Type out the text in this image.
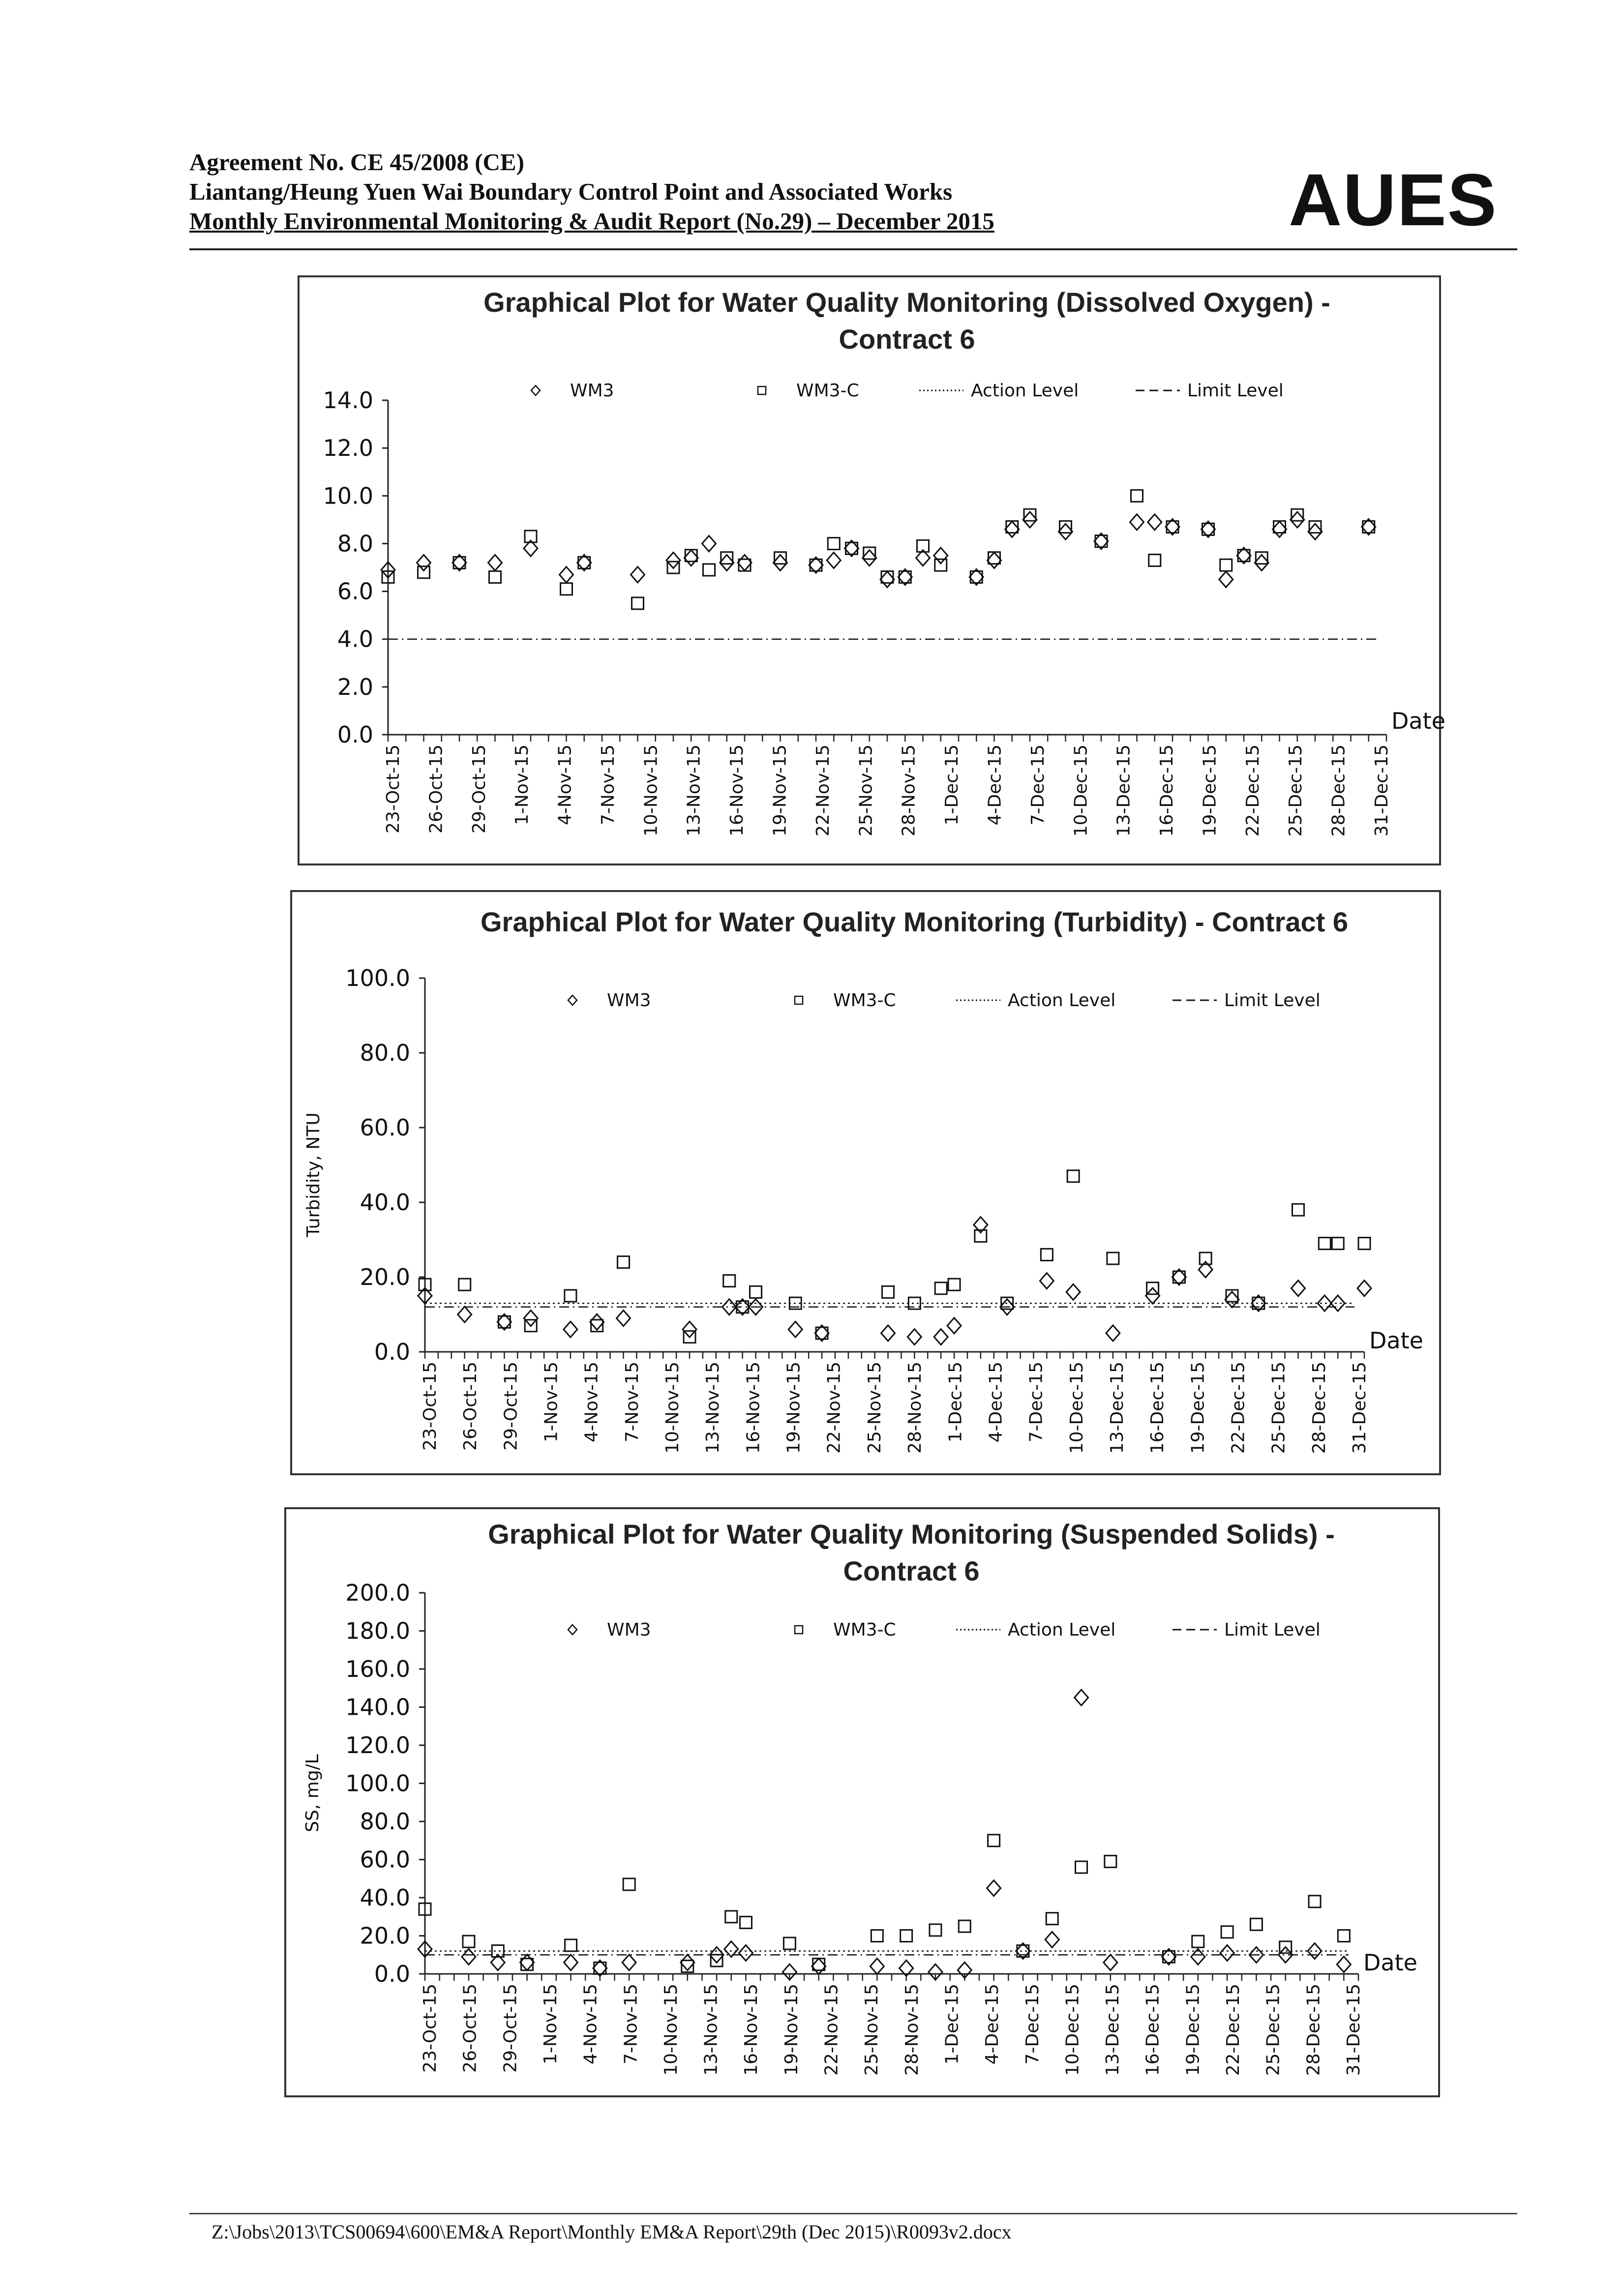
Agreement No. CE 45/2008 (CE)
Liantang/Heung Yuen Wai Boundary Control Point and Associated Works
Monthly Environmental Monitoring & Audit Report (No.29) – December 2015	AUES
Graphical Plot for Water Quality Monitoring (Dissolved Oxygen) -
Contract 6
WM3	WM3-C	Action Level	Limit Level
0.0
2.0
4.0
6.0
8.0
10.0
12.0
14.0
23-Oct-15 26-Oct-15 29-Oct-15 1-Nov-15 4-Nov-15 7-Nov-15 10-Nov-15 13-Nov-15 16-Nov-15 19-Nov-15 22-Nov-15 25-Nov-15 28-Nov-15 1-Dec-15 4-Dec-15 7-Dec-15 10-Dec-15 13-Dec-15 16-Dec-15 19-Dec-15 22-Dec-15 25-Dec-15 28-Dec-15 31-Dec-15
Date
Graphical Plot for Water Quality Monitoring (Turbidity) - Contract 6
WM3	WM3-C	Action Level	Limit Level
0.0
20.0
40.0
60.0
80.0
100.0
Turbidity, NTU
23-Oct-15 26-Oct-15 29-Oct-15 1-Nov-15 4-Nov-15 7-Nov-15 10-Nov-15 13-Nov-15 16-Nov-15 19-Nov-15 22-Nov-15 25-Nov-15 28-Nov-15 1-Dec-15 4-Dec-15 7-Dec-15 10-Dec-15 13-Dec-15 16-Dec-15 19-Dec-15 22-Dec-15 25-Dec-15 28-Dec-15 31-Dec-15
Date
Graphical Plot for Water Quality Monitoring (Suspended Solids) -
Contract 6
WM3	WM3-C	Action Level	Limit Level
0.0
20.0
40.0
60.0
80.0
100.0
120.0
140.0
160.0
180.0
200.0
SS, mg/L
23-Oct-15 26-Oct-15 29-Oct-15 1-Nov-15 4-Nov-15 7-Nov-15 10-Nov-15 13-Nov-15 16-Nov-15 19-Nov-15 22-Nov-15 25-Nov-15 28-Nov-15 1-Dec-15 4-Dec-15 7-Dec-15 10-Dec-15 13-Dec-15 16-Dec-15 19-Dec-15 22-Dec-15 25-Dec-15 28-Dec-15 31-Dec-15
Date
Z:\Jobs\2013\TCS00694\600\EM&A Report\Monthly EM&A Report\29th (Dec 2015)\R0093v2.docx
